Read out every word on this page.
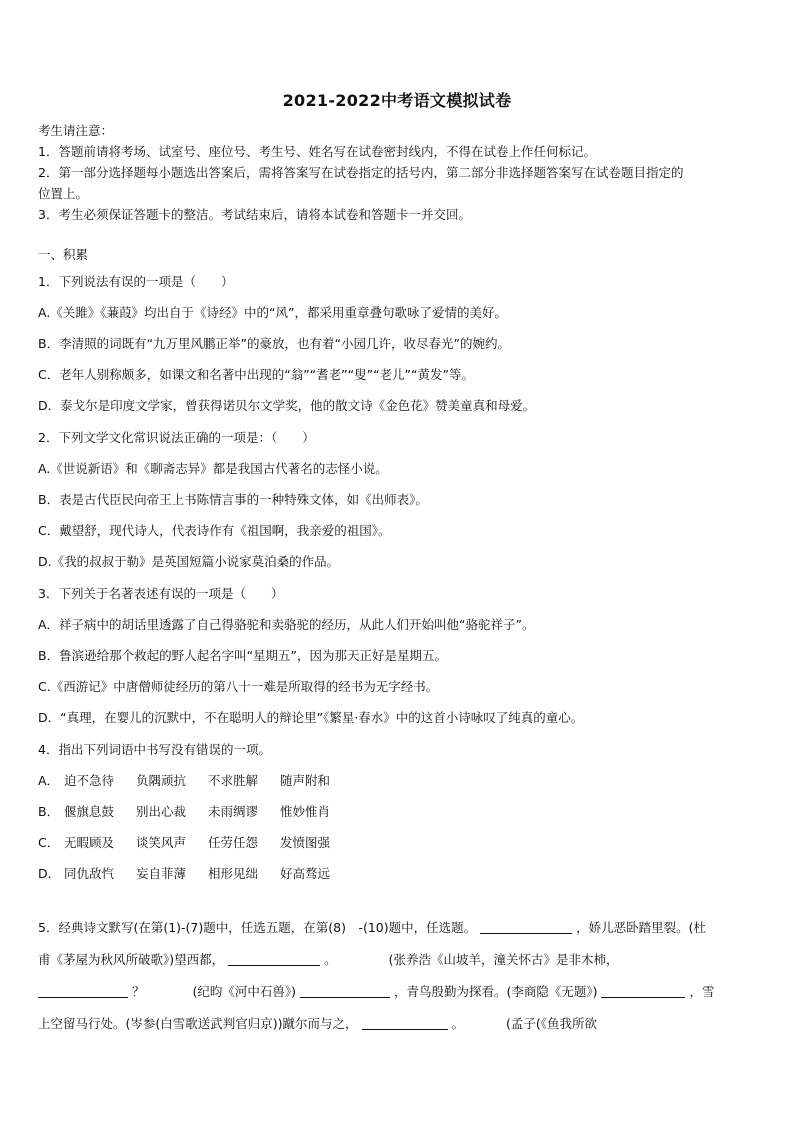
2021-2022中考语文模拟试卷
考生请注意：
1．答题前请将考场、试室号、座位号、考生号、姓名写在试卷密封线内，不得在试卷上作任何标记。
2．第一部分选择题每小题选出答案后，需将答案写在试卷指定的括号内，第二部分非选择题答案写在试卷题目指定的
位置上。
3．考生必须保证答题卡的整洁。考试结束后，请将本试卷和答题卡一并交回。
一、积累
1．下列说法有误的一项是（　　）
A.《关雎》《蒹葭》均出自于《诗经》中的“风”，都采用重章叠句歌咏了爱情的美好。
B．李清照的词既有“九万里风鹏正举”的豪放，也有着“小园几许，收尽春光”的婉约。
C．老年人别称颇多，如课文和名著中出现的“翁”“耆老”“叟”“老儿”“黄发”等。
D．泰戈尔是印度文学家，曾获得诺贝尔文学奖，他的散文诗《金色花》赞美童真和母爱。
2．下列文学文化常识说法正确的一项是：（　　）
A.《世说新语》和《聊斋志异》都是我国古代著名的志怪小说。
B．表是古代臣民向帝王上书陈情言事的一种特殊文体，如《出师表》。
C．戴望舒，现代诗人，代表诗作有《祖国啊，我亲爱的祖国》。
D.《我的叔叔于勒》是英国短篇小说家莫泊桑的作品。
3．下列关于名著表述有误的一项是（　　）
A．祥子病中的胡话里透露了自己得骆驼和卖骆驼的经历，从此人们开始叫他“骆驼祥子”。
B．鲁滨逊给那个救起的野人起名字叫“星期五”，因为那天正好是星期五。
C.《西游记》中唐僧师徒经历的第八十一难是所取得的经书为无字经书。
D．“真理，在婴儿的沉默中，不在聪明人的辩论里”《繁星·春水》中的这首小诗咏叹了纯真的童心。
4．指出下列词语中书写没有错误的一项。
A． 迫不急待 负隅顽抗 不求胜解 随声附和
B． 偃旗息鼓 别出心裁 未雨绸谬 惟妙惟肖
C． 无暇顾及 谈笑风声 任劳任怨 发愤图强
D． 同仇敌忾 妄自菲薄 相形见绌 好高骛远
5．经典诗文默写(在第(1)-(7)题中，任选五题，在第(8)　-(10)题中，任选题。	，娇儿恶卧踏里裂。(杜
甫《茅屋为秋风所破歌》)望西都，	。	(张养浩《山坡羊，潼关怀古》是非木柿，
？	(纪昀《河中石兽》)	，青鸟殷勤为探看。(李商隐《无题》)	，雪
上空留马行处。(岑参(白雪歌送武判官归京))蹴尔而与之，	。	(孟子(《鱼我所欲
